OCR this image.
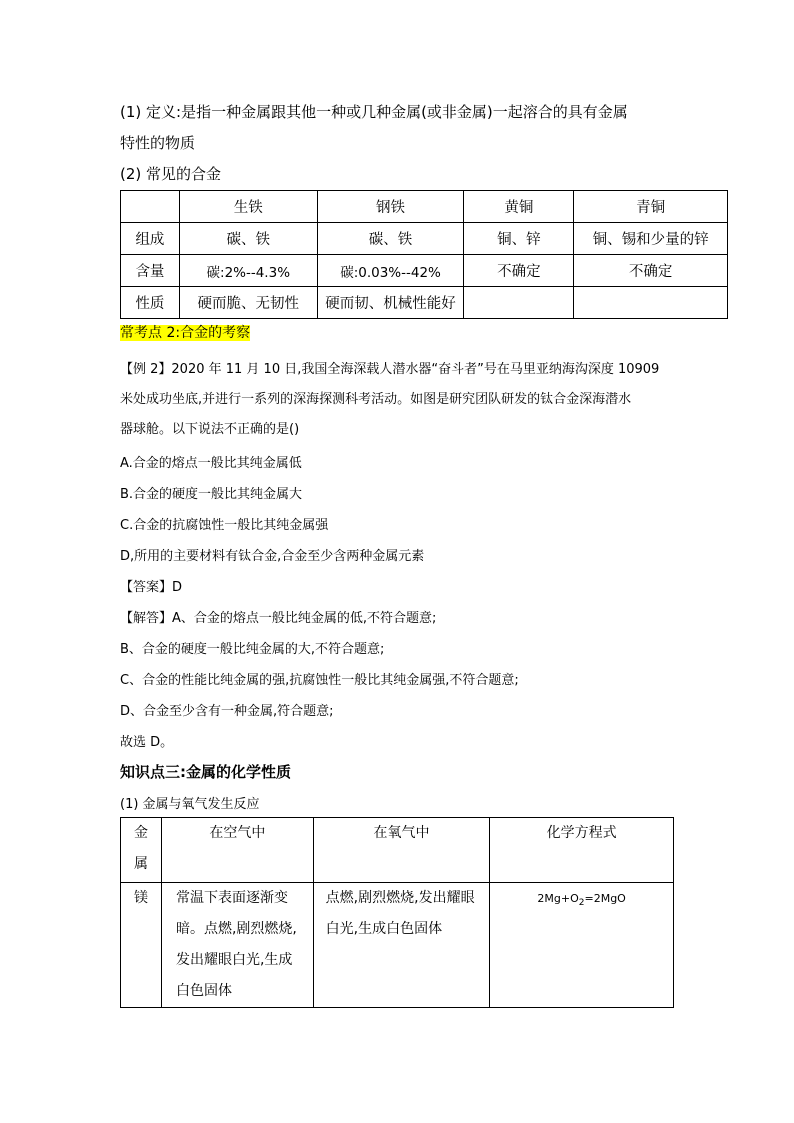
(1) 定义:是指一种金属跟其他一种或几种金属(或非金属)一起溶合的具有金属
特性的物质
(2) 常见的合金
	生铁	钢铁	黄铜	青铜
组成	碳、铁	碳、铁	铜、锌	铜、锡和少量的锌
含量	碳:2%--4.3%	碳:0.03%--42%	不确定	不确定
性质	硬而脆、无韧性	硬而韧、机械性能好		
常考点 2:合金的考察
【例 2】2020 年 11 月 10 日,我国全海深载人潜水器“奋斗者”号在马里亚纳海沟深度 10909
米处成功坐底,并进行一系列的深海探测科考活动。如图是研究团队研发的钛合金深海潜水
器球舱。以下说法不正确的是()
A.合金的熔点一般比其纯金属低
B.合金的硬度一般比其纯金属大
C.合金的抗腐蚀性一般比其纯金属强
D,所用的主要材料有钛合金,合金至少含两种金属元素
【答案】D
【解答】A、合金的熔点一般比纯金属的低,不符合题意;
B、合金的硬度一般比纯金属的大,不符合题意;
C、合金的性能比纯金属的强,抗腐蚀性一般比其纯金属强,不符合题意;
D、合金至少含有一种金属,符合题意;
故选 D。
知识点三:金属的化学性质
(1) 金属与氧气发生反应
金属	在空气中	在氧气中	化学方程式
镁	常温下表面逐渐变暗。点燃,剧烈燃烧,发出耀眼白光,生成白色固体	点燃,剧烈燃烧,发出耀眼白光,生成白色固体	$2Mg+O_2=2MgO$
